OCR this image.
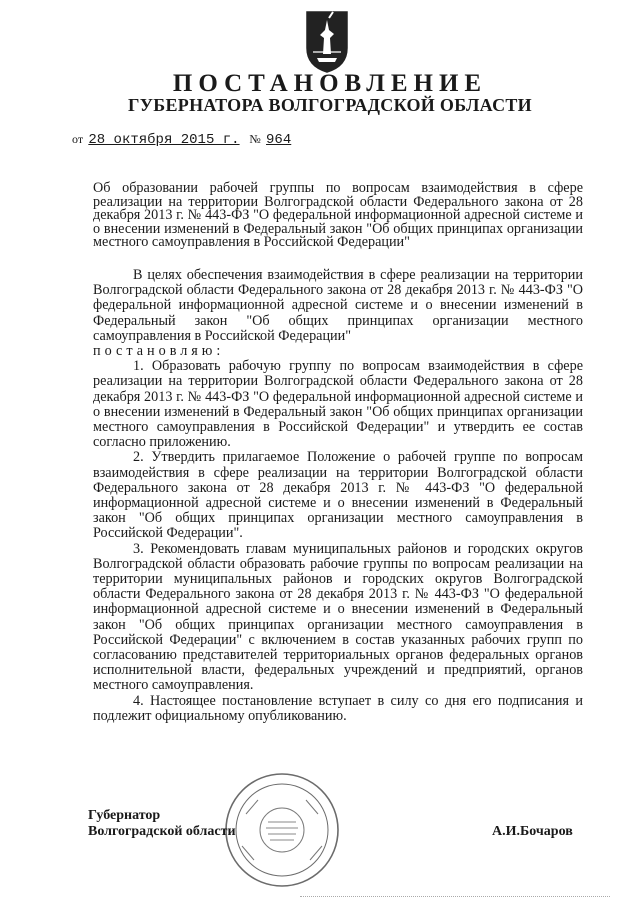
ПОСТАНОВЛЕНИЕ
ГУБЕРНАТОРА ВОЛГОГРАДСКОЙ ОБЛАСТИ
от 28 октября 2015 г. № 964
Об образовании рабочей группы по вопросам взаимодействия в сфере реализации на территории Волгоградской области Федерального закона от 28 декабря 2013 г. № 443-ФЗ "О федеральной информационной адресной системе и о внесении изменений в Федеральный закон "Об общих принципах организации местного самоуправления в Российской Федерации"

В целях обеспечения взаимодействия в сфере реализации на территории Волгоградской области Федерального закона от 28 декабря 2013 г. № 443-ФЗ "О федеральной информационной адресной системе и о внесении изменений в Федеральный закон "Об общих принципах организации местного самоуправления в Российской Федерации"

постановляю:

1. Образовать рабочую группу по вопросам взаимодействия в сфере реализации на территории Волгоградской области Федерального закона от 28 декабря 2013 г. № 443-ФЗ "О федеральной информационной адресной системе и о внесении изменений в Федеральный закон "Об общих принципах организации местного самоуправления в Российской Федерации" и утвердить ее состав согласно приложению.

2. Утвердить прилагаемое Положение о рабочей группе по вопросам взаимодействия в сфере реализации на территории Волгоградской области Федерального закона от 28 декабря 2013 г. № 443-ФЗ "О федеральной информационной адресной системе и о внесении изменений в Федеральный закон "Об общих принципах организации местного самоуправления в Российской Федерации".

3. Рекомендовать главам муниципальных районов и городских округов Волгоградской области образовать рабочие группы по вопросам реализации на территории муниципальных районов и городских округов Волгоградской области Федерального закона от 28 декабря 2013 г. № 443-ФЗ "О федеральной информационной адресной системе и о внесении изменений в Федеральный закон "Об общих принципах организации местного самоуправления в Российской Федерации" с включением в состав указанных рабочих групп по согласованию представителей территориальных органов федеральных органов исполнительной власти, федеральных учреждений и предприятий, органов местного самоуправления.

4. Настоящее постановление вступает в силу со дня его подписания и подлежит официальному опубликованию.

Губернатор
Волгоградской области	А.И.Бочаров
